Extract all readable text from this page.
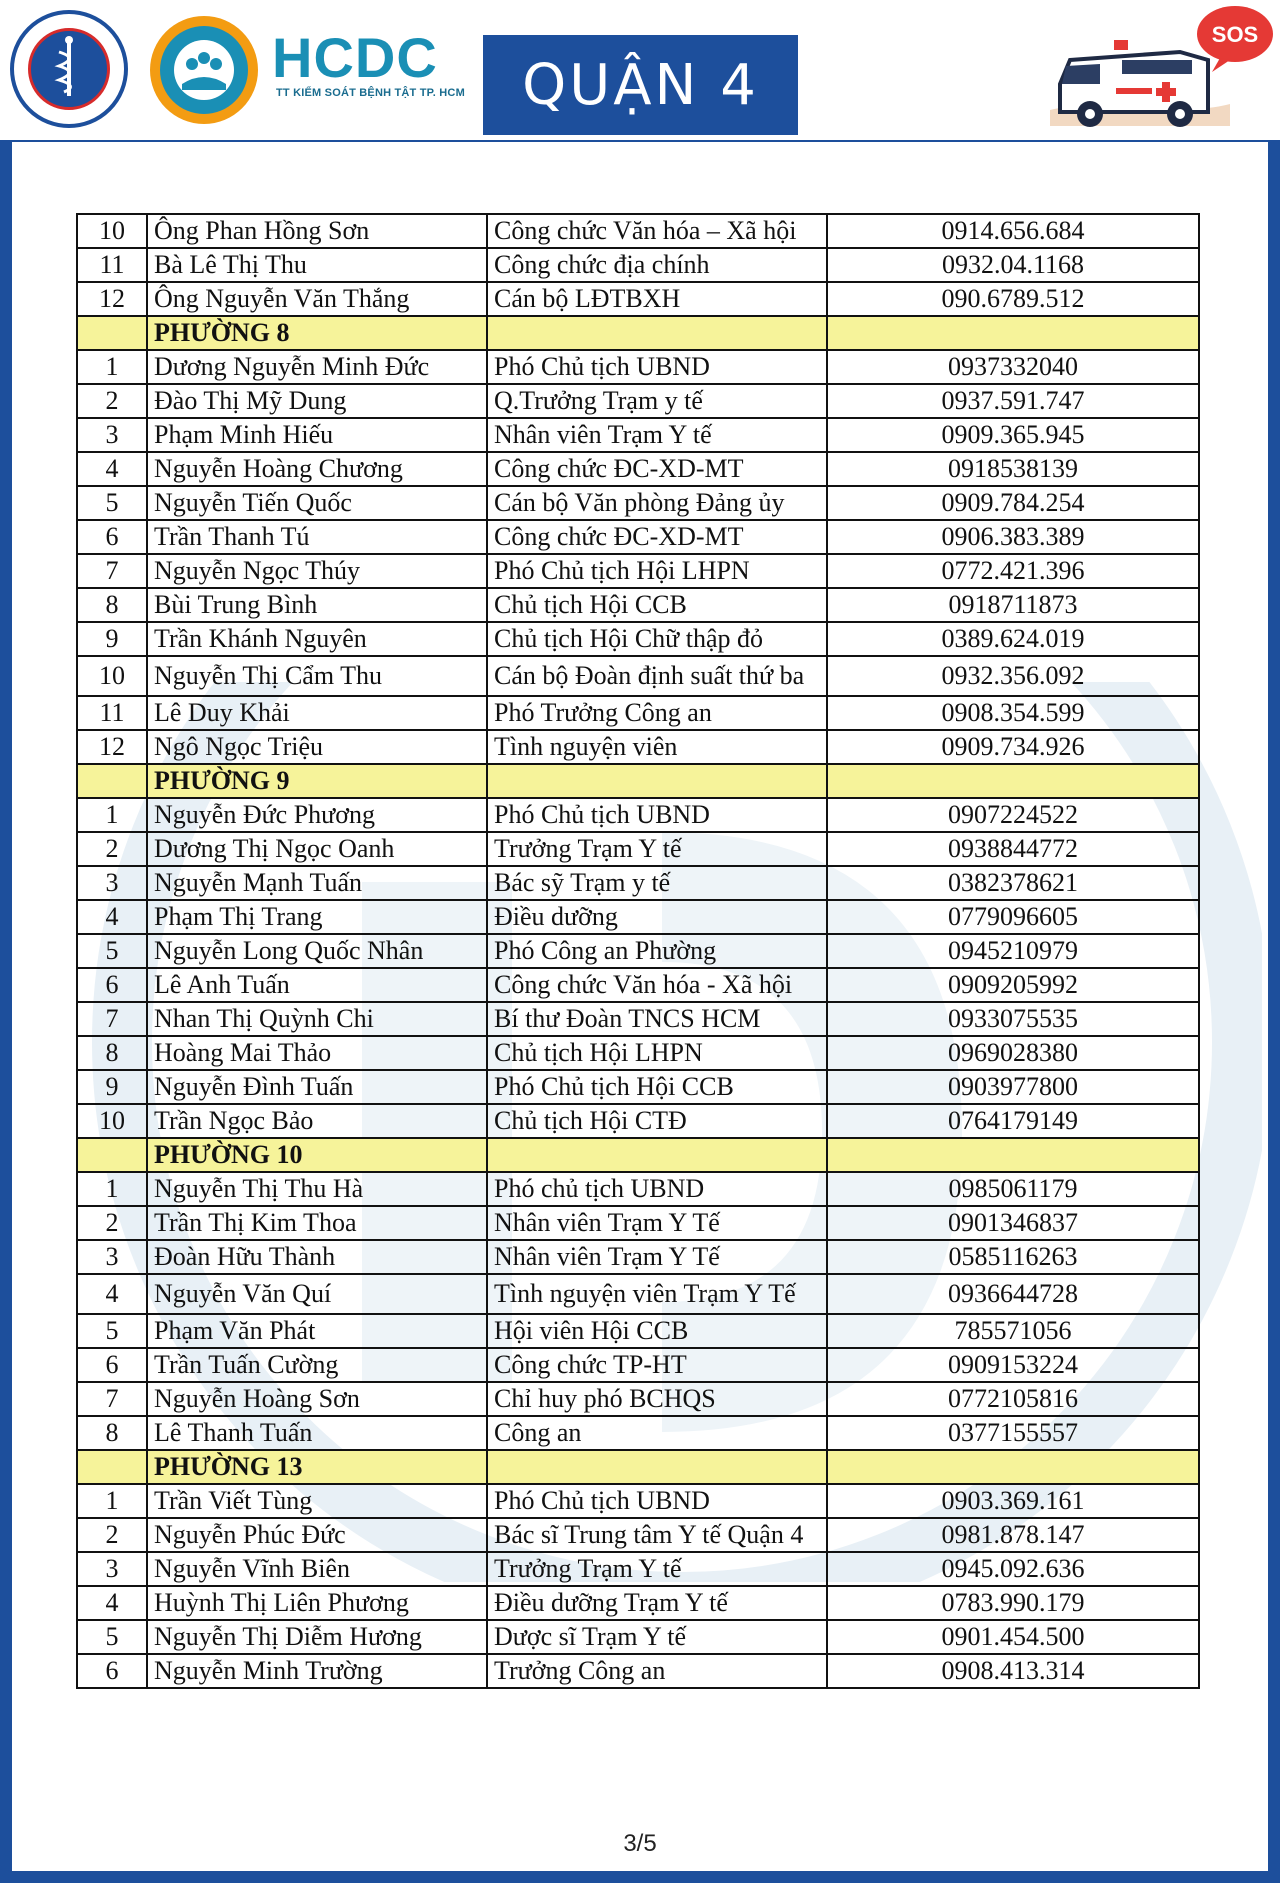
HCDC
TT KIỂM SOÁT BỆNH TẬT TP. HCM	QUẬN 4
SOS
10	Ông Phan Hồng Sơn	Công chức Văn hóa – Xã hội	0914.656.684
11	Bà Lê Thị Thu	Công chức địa chính	0932.04.1168
12	Ông Nguyễn Văn Thắng	Cán bộ LĐTBXH	090.6789.512
	PHƯỜNG 8		
1	Dương Nguyễn Minh Đức	Phó Chủ tịch UBND	0937332040
2	Đào Thị Mỹ Dung	Q.Trưởng Trạm y tế	0937.591.747
3	Phạm Minh Hiếu	Nhân viên Trạm Y tế	0909.365.945
4	Nguyễn Hoàng Chương	Công chức ĐC-XD-MT	0918538139
5	Nguyễn Tiến Quốc	Cán bộ Văn phòng Đảng ủy	0909.784.254
6	Trần Thanh Tú	Công chức ĐC-XD-MT	0906.383.389
7	Nguyễn Ngọc Thúy	Phó Chủ tịch Hội LHPN	0772.421.396
8	Bùi Trung Bình	Chủ tịch Hội CCB	0918711873
9	Trần Khánh Nguyên	Chủ tịch Hội Chữ thập đỏ	0389.624.019
10	Nguyễn Thị Cẩm Thu	Cán bộ Đoàn định suất thứ ba	0932.356.092
11	Lê Duy Khải	Phó Trưởng Công an	0908.354.599
12	Ngô Ngọc Triệu	Tình nguyện viên	0909.734.926
	PHƯỜNG 9		
1	Nguyễn Đức Phương	Phó Chủ tịch UBND	0907224522
2	Dương Thị Ngọc Oanh	Trưởng Trạm Y tế	0938844772
3	Nguyễn Mạnh Tuấn	Bác sỹ Trạm y tế	0382378621
4	Phạm Thị Trang	Điều dưỡng	0779096605
5	Nguyễn Long Quốc Nhân	Phó Công an Phường	0945210979
6	Lê Anh Tuấn	Công chức Văn hóa - Xã hội	0909205992
7	Nhan Thị Quỳnh Chi	Bí thư Đoàn TNCS HCM	0933075535
8	Hoàng Mai Thảo	Chủ tịch Hội LHPN	0969028380
9	Nguyễn Đình Tuấn	Phó Chủ tịch Hội CCB	0903977800
10	Trần Ngọc Bảo	Chủ tịch Hội CTĐ	0764179149
	PHƯỜNG 10		
1	Nguyễn Thị Thu Hà	Phó chủ tịch UBND	0985061179
2	Trần Thị Kim Thoa	Nhân viên Trạm Y Tế	0901346837
3	Đoàn Hữu Thành	Nhân viên Trạm Y Tế	0585116263
4	Nguyễn Văn Quí	Tình nguyện viên Trạm Y Tế	0936644728
5	Phạm Văn Phát	Hội viên Hội CCB	785571056
6	Trần Tuấn Cường	Công chức TP-HT	0909153224
7	Nguyễn Hoàng Sơn	Chỉ huy phó BCHQS	0772105816
8	Lê Thanh Tuấn	Công an	0377155557
	PHƯỜNG 13		
1	Trần Viết Tùng	Phó Chủ tịch UBND	0903.369.161
2	Nguyễn Phúc Đức	Bác sĩ Trung tâm Y tế Quận 4	0981.878.147
3	Nguyễn Vĩnh Biên	Trưởng Trạm Y tế	0945.092.636
4	Huỳnh Thị Liên Phương	Điều dưỡng Trạm Y tế	0783.990.179
5	Nguyễn Thị Diễm Hương	Dược sĩ Trạm Y tế	0901.454.500
6	Nguyễn Minh Trường	Trưởng Công an	0908.413.314
3/5
